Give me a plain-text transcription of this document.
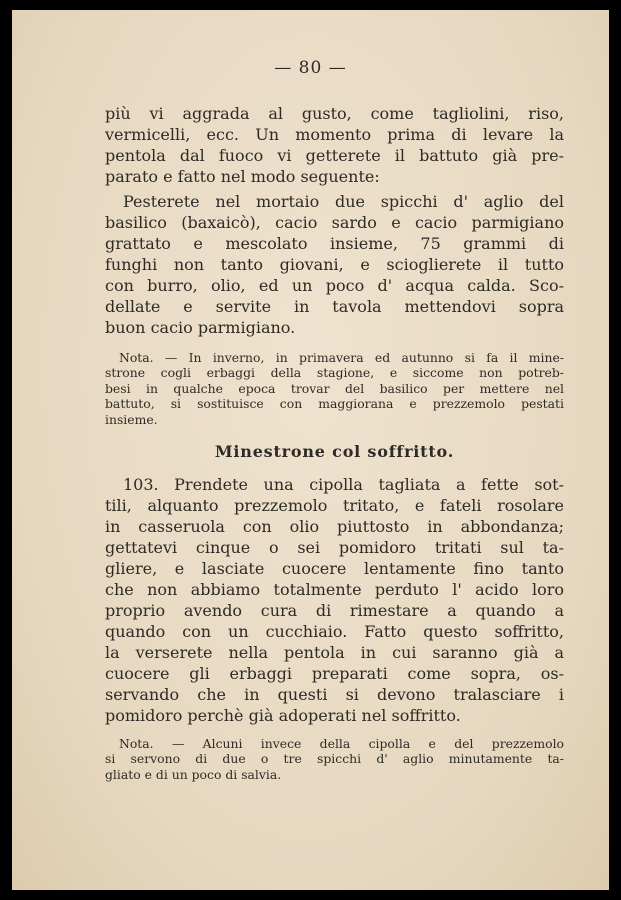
— 80 —
più vi aggrada al gusto, come tagliolini, riso,
vermicelli, ecc. Un momento prima di levare la
pentola dal fuoco vi getterete il battuto già pre-
parato e fatto nel modo seguente:
Pesterete nel mortaio due spicchi d' aglio del
basilico (baxaicò), cacio sardo e cacio parmigiano
grattato e mescolato insieme, 75 grammi di
funghi non tanto giovani, e scioglierete il tutto
con burro, olio, ed un poco d' acqua calda. Sco-
dellate e servite in tavola mettendovi sopra
buon cacio parmigiano.
Nota. — In inverno, in primavera ed autunno si fa il mine-
strone cogli erbaggi della stagione, e siccome non potreb-
besi in qualche epoca trovar del basilico per mettere nel
battuto, si sostituisce con maggiorana e prezzemolo pestati
insieme.
Minestrone col soffritto.
103. Prendete una cipolla tagliata a fette sot-
tili, alquanto prezzemolo tritato, e fateli rosolare
in casseruola con olio piuttosto in abbondanza;
gettatevi cinque o sei pomidoro tritati sul ta-
gliere, e lasciate cuocere lentamente fino tanto
che non abbiamo totalmente perduto l' acido loro
proprio avendo cura di rimestare a quando a
quando con un cucchiaio. Fatto questo soffritto,
la verserete nella pentola in cui saranno già a
cuocere gli erbaggi preparati come sopra, os-
servando che in questi si devono tralasciare i
pomidoro perchè già adoperati nel soffritto.
Nota. — Alcuni invece della cipolla e del prezzemolo
si servono di due o tre spicchi d' aglio minutamente ta-
gliato e di un poco di salvia.
